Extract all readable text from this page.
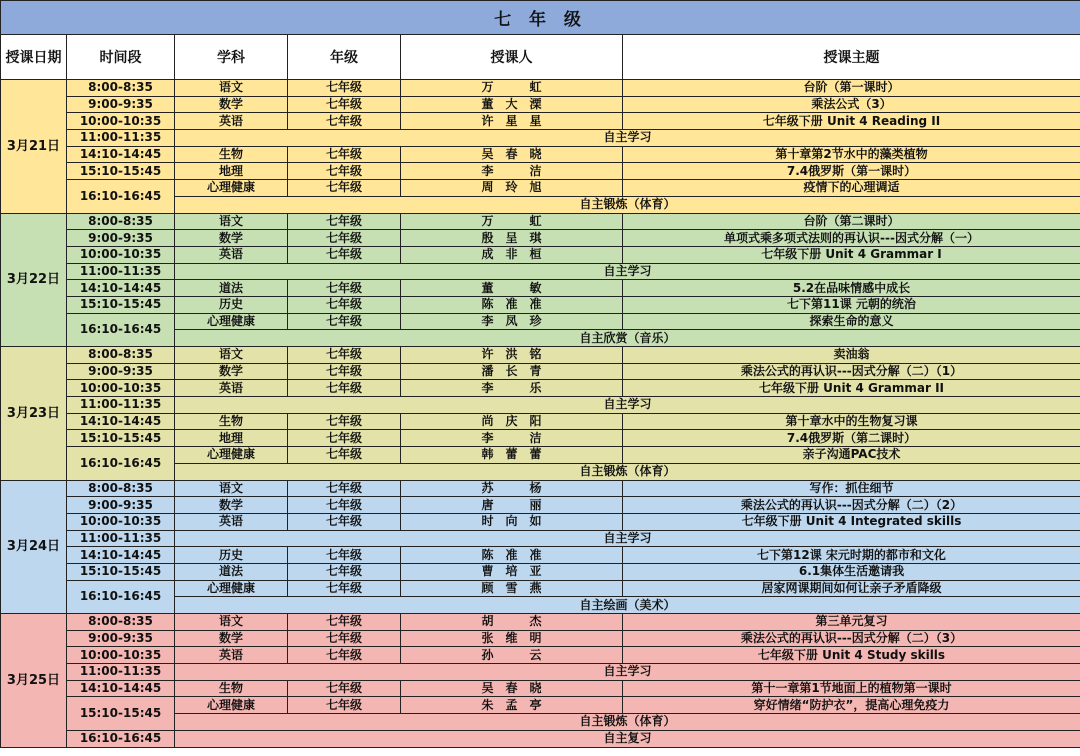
七 年 级					
授课日期	时间段	学科	年级	授课人	授课主题
3月21日	8:00-8:35	语文	七年级	万　　　虹	台阶（第一课时）
	9:00-9:35	数学	七年级	董　大　溧	乘法公式（3）
	10:00-10:35	英语	七年级	许　星　星	七年级下册 Unit 4 Reading II
	11:00-11:35	自主学习			
	14:10-14:45	生物	七年级	吴　春　晓	第十章第2节水中的藻类植物
	15:10-15:45	地理	七年级	李　　　洁	7.4俄罗斯（第一课时）
	16:10-16:45	心理健康	七年级	周　玲　旭	疫情下的心理调适
		自主锻炼（体育）			
3月22日	8:00-8:35	语文	七年级	万　　　虹	台阶（第二课时）
	9:00-9:35	数学	七年级	殷　呈　琪	单项式乘多项式法则的再认识---因式分解（一）
	10:00-10:35	英语	七年级	成　非　桓	七年级下册 Unit 4 Grammar I
	11:00-11:35	自主学习			
	14:10-14:45	道法	七年级	董　　　敏	5.2在品味情感中成长
	15:10-15:45	历史	七年级	陈　准　准	七下第11课 元朝的统治
	16:10-16:45	心理健康	七年级	李　凤　珍	探索生命的意义
		自主欣赏（音乐）			
3月23日	8:00-8:35	语文	七年级	许　洪　铭	卖油翁
	9:00-9:35	数学	七年级	潘　长　青	乘法公式的再认识---因式分解（二）（1）
	10:00-10:35	英语	七年级	李　　　乐	七年级下册 Unit 4 Grammar II
	11:00-11:35	自主学习			
	14:10-14:45	生物	七年级	尚　庆　阳	第十章水中的生物复习课
	15:10-15:45	地理	七年级	李　　　洁	7.4俄罗斯（第二课时）
	16:10-16:45	心理健康	七年级	韩　蕾　蕾	亲子沟通PAC技术
		自主锻炼（体育）			
3月24日	8:00-8:35	语文	七年级	苏　　　杨	写作：抓住细节
	9:00-9:35	数学	七年级	唐　　　丽	乘法公式的再认识---因式分解（二）（2）
	10:00-10:35	英语	七年级	时　向　如	七年级下册 Unit 4 Integrated skills
	11:00-11:35	自主学习			
	14:10-14:45	历史	七年级	陈　准　准	七下第12课 宋元时期的都市和文化
	15:10-15:45	道法	七年级	曹　培　亚	6.1集体生活邀请我
	16:10-16:45	心理健康	七年级	顾　雪　燕	居家网课期间如何让亲子矛盾降级
		自主绘画（美术）			
3月25日	8:00-8:35	语文	七年级	胡　　　杰	第三单元复习
	9:00-9:35	数学	七年级	张　维　明	乘法公式的再认识---因式分解（二）（3）
	10:00-10:35	英语	七年级	孙　　　云	七年级下册 Unit 4 Study skills
	11:00-11:35	自主学习			
	14:10-14:45	生物	七年级	吴　春　晓	第十一章第1节地面上的植物第一课时
	15:10-15:45	心理健康	七年级	朱　孟　亭	穿好情绪“防护衣”，提高心理免疫力
		自主锻炼（体育）			
	16:10-16:45	自主复习			
